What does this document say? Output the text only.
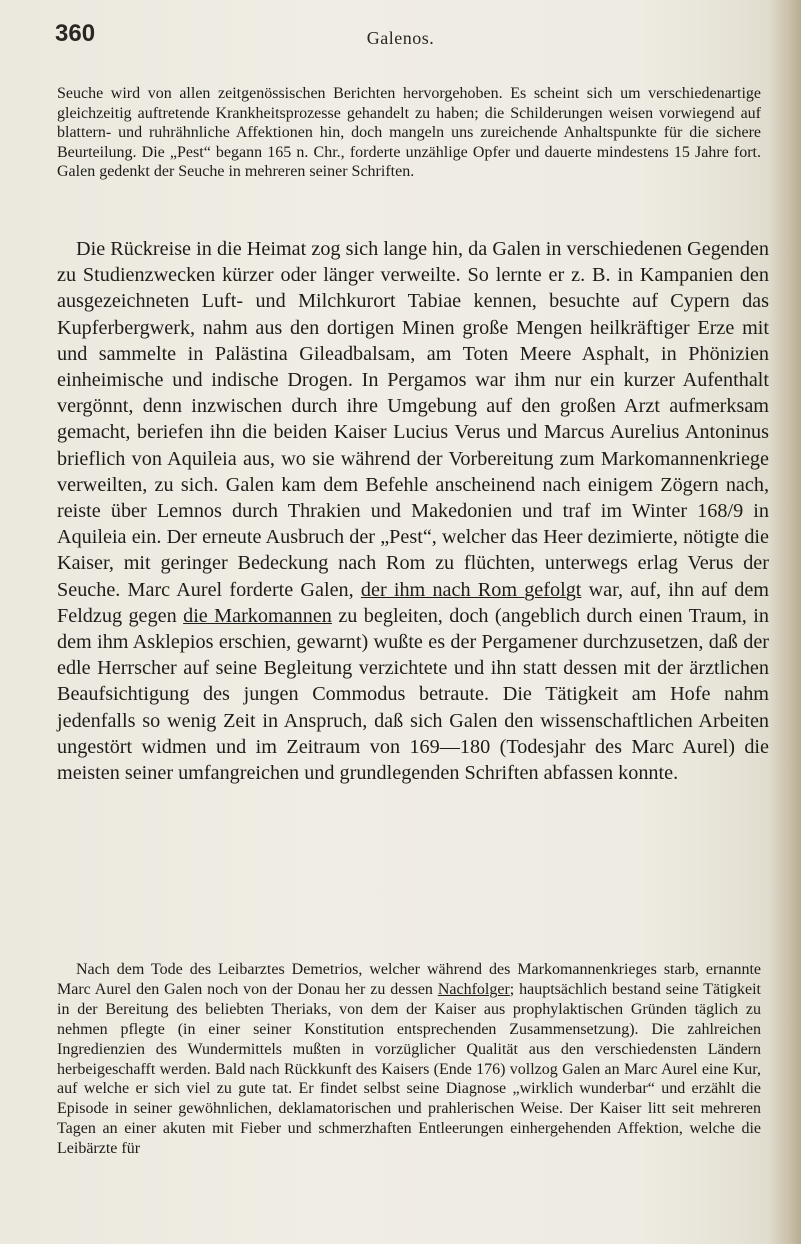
360	Galenos.

Seuche wird von allen zeitgenössischen Berichten hervorgehoben. Es scheint sich um verschiedenartige gleichzeitig auftretende Krankheitsprozesse gehandelt zu haben; die Schilderungen weisen vorwiegend auf blattern- und ruhrähnliche Affektionen hin, doch mangeln uns zureichende Anhaltspunkte für die sichere Beurteilung. Die „Pest“ begann 165 n. Chr., forderte unzählige Opfer und dauerte mindestens 15 Jahre fort. Galen gedenkt der Seuche in mehreren seiner Schriften.

Die Rückreise in die Heimat zog sich lange hin, da Galen in verschiedenen Gegenden zu Studienzwecken kürzer oder länger verweilte. So lernte er z. B. in Kampanien den ausgezeichneten Luft- und Milchkurort Tabiae kennen, besuchte auf Cypern das Kupferbergwerk, nahm aus den dortigen Minen große Mengen heilkräftiger Erze mit und sammelte in Palästina Gileadbalsam, am Toten Meere Asphalt, in Phönizien einheimische und indische Drogen. In Pergamos war ihm nur ein kurzer Aufenthalt vergönnt, denn inzwischen durch ihre Umgebung auf den großen Arzt aufmerksam gemacht, beriefen ihn die beiden Kaiser Lucius Verus und Marcus Aurelius Antoninus brieflich von Aquileia aus, wo sie während der Vorbereitung zum Markomannenkriege verweilten, zu sich. Galen kam dem Befehle anscheinend nach einigem Zögern nach, reiste über Lemnos durch Thrakien und Makedonien und traf im Winter 168/9 in Aquileia ein. Der erneute Ausbruch der „Pest“, welcher das Heer dezimierte, nötigte die Kaiser, mit geringer Bedeckung nach Rom zu flüchten, unterwegs erlag Verus der Seuche. Marc Aurel forderte Galen, der ihm nach Rom gefolgt war, auf, ihn auf dem Feldzug gegen die Markomannen zu begleiten, doch (angeblich durch einen Traum, in dem ihm Asklepios erschien, gewarnt) wußte es der Pergamener durchzusetzen, daß der edle Herrscher auf seine Begleitung verzichtete und ihn statt dessen mit der ärztlichen Beaufsichtigung des jungen Commodus betraute. Die Tätigkeit am Hofe nahm jedenfalls so wenig Zeit in Anspruch, daß sich Galen den wissenschaftlichen Arbeiten ungestört widmen und im Zeitraum von 169—180 (Todesjahr des Marc Aurel) die meisten seiner umfangreichen und grundlegenden Schriften abfassen konnte.

Nach dem Tode des Leibarztes Demetrios, welcher während des Markomannenkrieges starb, ernannte Marc Aurel den Galen noch von der Donau her zu dessen Nachfolger; hauptsächlich bestand seine Tätigkeit in der Bereitung des beliebten Theriaks, von dem der Kaiser aus prophylaktischen Gründen täglich zu nehmen pflegte (in einer seiner Konstitution entsprechenden Zusammensetzung). Die zahlreichen Ingredienzien des Wundermittels mußten in vorzüglicher Qualität aus den verschiedensten Ländern herbeigeschafft werden. Bald nach Rückkunft des Kaisers (Ende 176) vollzog Galen an Marc Aurel eine Kur, auf welche er sich viel zu gute tat. Er findet selbst seine Diagnose „wirklich wunderbar“ und erzählt die Episode in seiner gewöhnlichen, deklamatorischen und prahlerischen Weise. Der Kaiser litt seit mehreren Tagen an einer akuten mit Fieber und schmerzhaften Entleerungen einhergehenden Affektion, welche die Leibärzte für
